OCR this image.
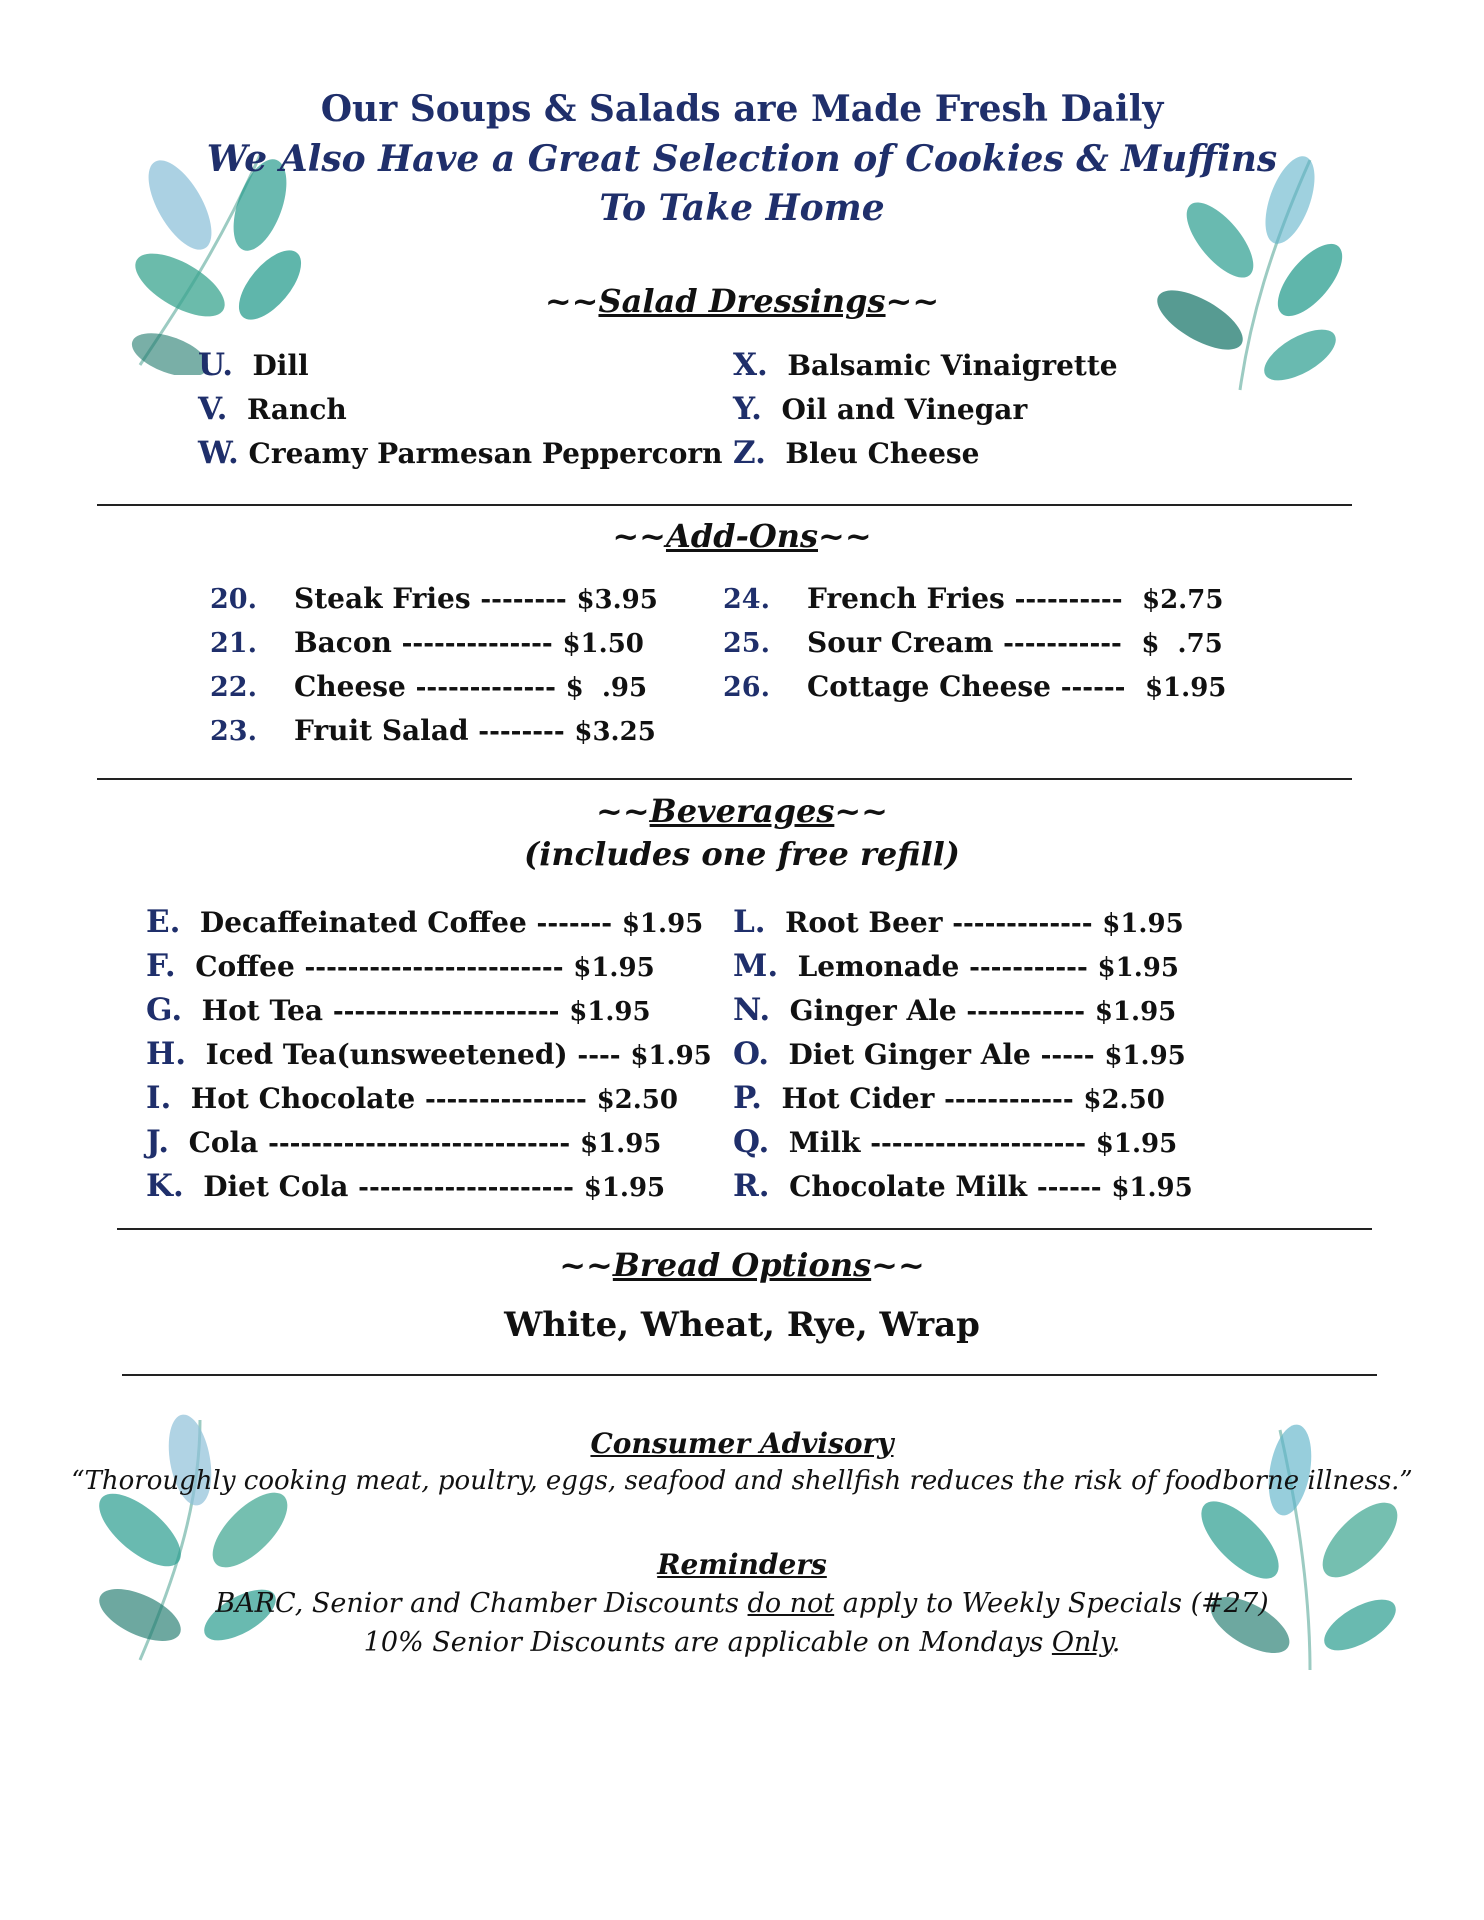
Our Soups & Salads are Made Fresh Daily
We Also Have a Great Selection of Cookies & Muffins
To Take Home
~~Salad Dressings~~
U. Dill
V. Ranch
W. Creamy Parmesan Peppercorn
X. Balsamic Vinaigrette
Y. Oil and Vinegar
Z. Bleu Cheese
~~Add-Ons~~
20. Steak Fries -------- $3.95
21. Bacon -------------- $1.50
22. Cheese ------------- $  .95
23. Fruit Salad -------- $3.25
24. French Fries ---------- $2.75
25. Sour Cream ----------- $  .75
26. Cottage Cheese ------ $1.95
~~Beverages~~
(includes one free refill)
E. Decaffeinated Coffee ------- $1.95
F. Coffee ------------------------ $1.95
G. Hot Tea --------------------- $1.95
H. Iced Tea(unsweetened) ---- $1.95
I. Hot Chocolate --------------- $2.50
J. Cola ---------------------------- $1.95
K. Diet Cola -------------------- $1.95
L. Root Beer ------------- $1.95
M. Lemonade ----------- $1.95
N. Ginger Ale ----------- $1.95
O. Diet Ginger Ale ----- $1.95
P. Hot Cider ------------ $2.50
Q. Milk -------------------- $1.95
R. Chocolate Milk ------ $1.95
~~Bread Options~~
White, Wheat, Rye, Wrap
Consumer Advisory
“Thoroughly cooking meat, poultry, eggs, seafood and shellfish reduces the risk of foodborne illness.”
Reminders
BARC, Senior and Chamber Discounts do not apply to Weekly Specials (#27)
10% Senior Discounts are applicable on Mondays Only.
